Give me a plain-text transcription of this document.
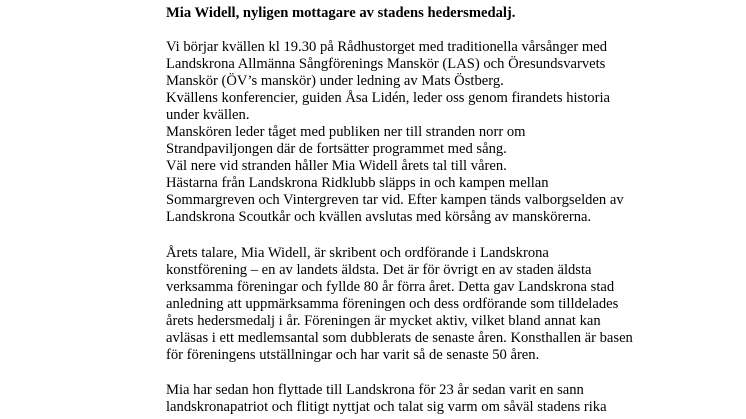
Mia Widell, nyligen mottagare av stadens hedersmedalj.
Vi börjar kvällen kl 19.30 på Rådhustorget med traditionella vårsånger med
Landskrona Allmänna Sångförenings Manskör (LAS) och Öresundsvarvets
Manskör (ÖV’s manskör) under ledning av Mats Östberg.
Kvällens konferencier, guiden Åsa Lidén, leder oss genom firandets historia
under kvällen.
Manskören leder tåget med publiken ner till stranden norr om
Strandpaviljongen där de fortsätter programmet med sång.
Väl nere vid stranden håller Mia Widell årets tal till våren.
Hästarna från Landskrona Ridklubb släpps in och kampen mellan
Sommargreven och Vintergreven tar vid. Efter kampen tänds valborgselden av
Landskrona Scoutkår och kvällen avslutas med körsång av manskörerna.
Årets talare, Mia Widell, är skribent och ordförande i Landskrona
konstförening – en av landets äldsta. Det är för övrigt en av staden äldsta
verksamma föreningar och fyllde 80 år förra året. Detta gav Landskrona stad
anledning att uppmärksamma föreningen och dess ordförande som tilldelades
årets hedersmedalj i år. Föreningen är mycket aktiv, vilket bland annat kan
avläsas i ett medlemsantal som dubblerats de senaste åren. Konsthallen är basen
för föreningens utställningar och har varit så de senaste 50 åren.
Mia har sedan hon flyttade till Landskrona för 23 år sedan varit en sann
landskronapatriot och flitigt nyttjat och talat sig varm om såväl stadens rika
